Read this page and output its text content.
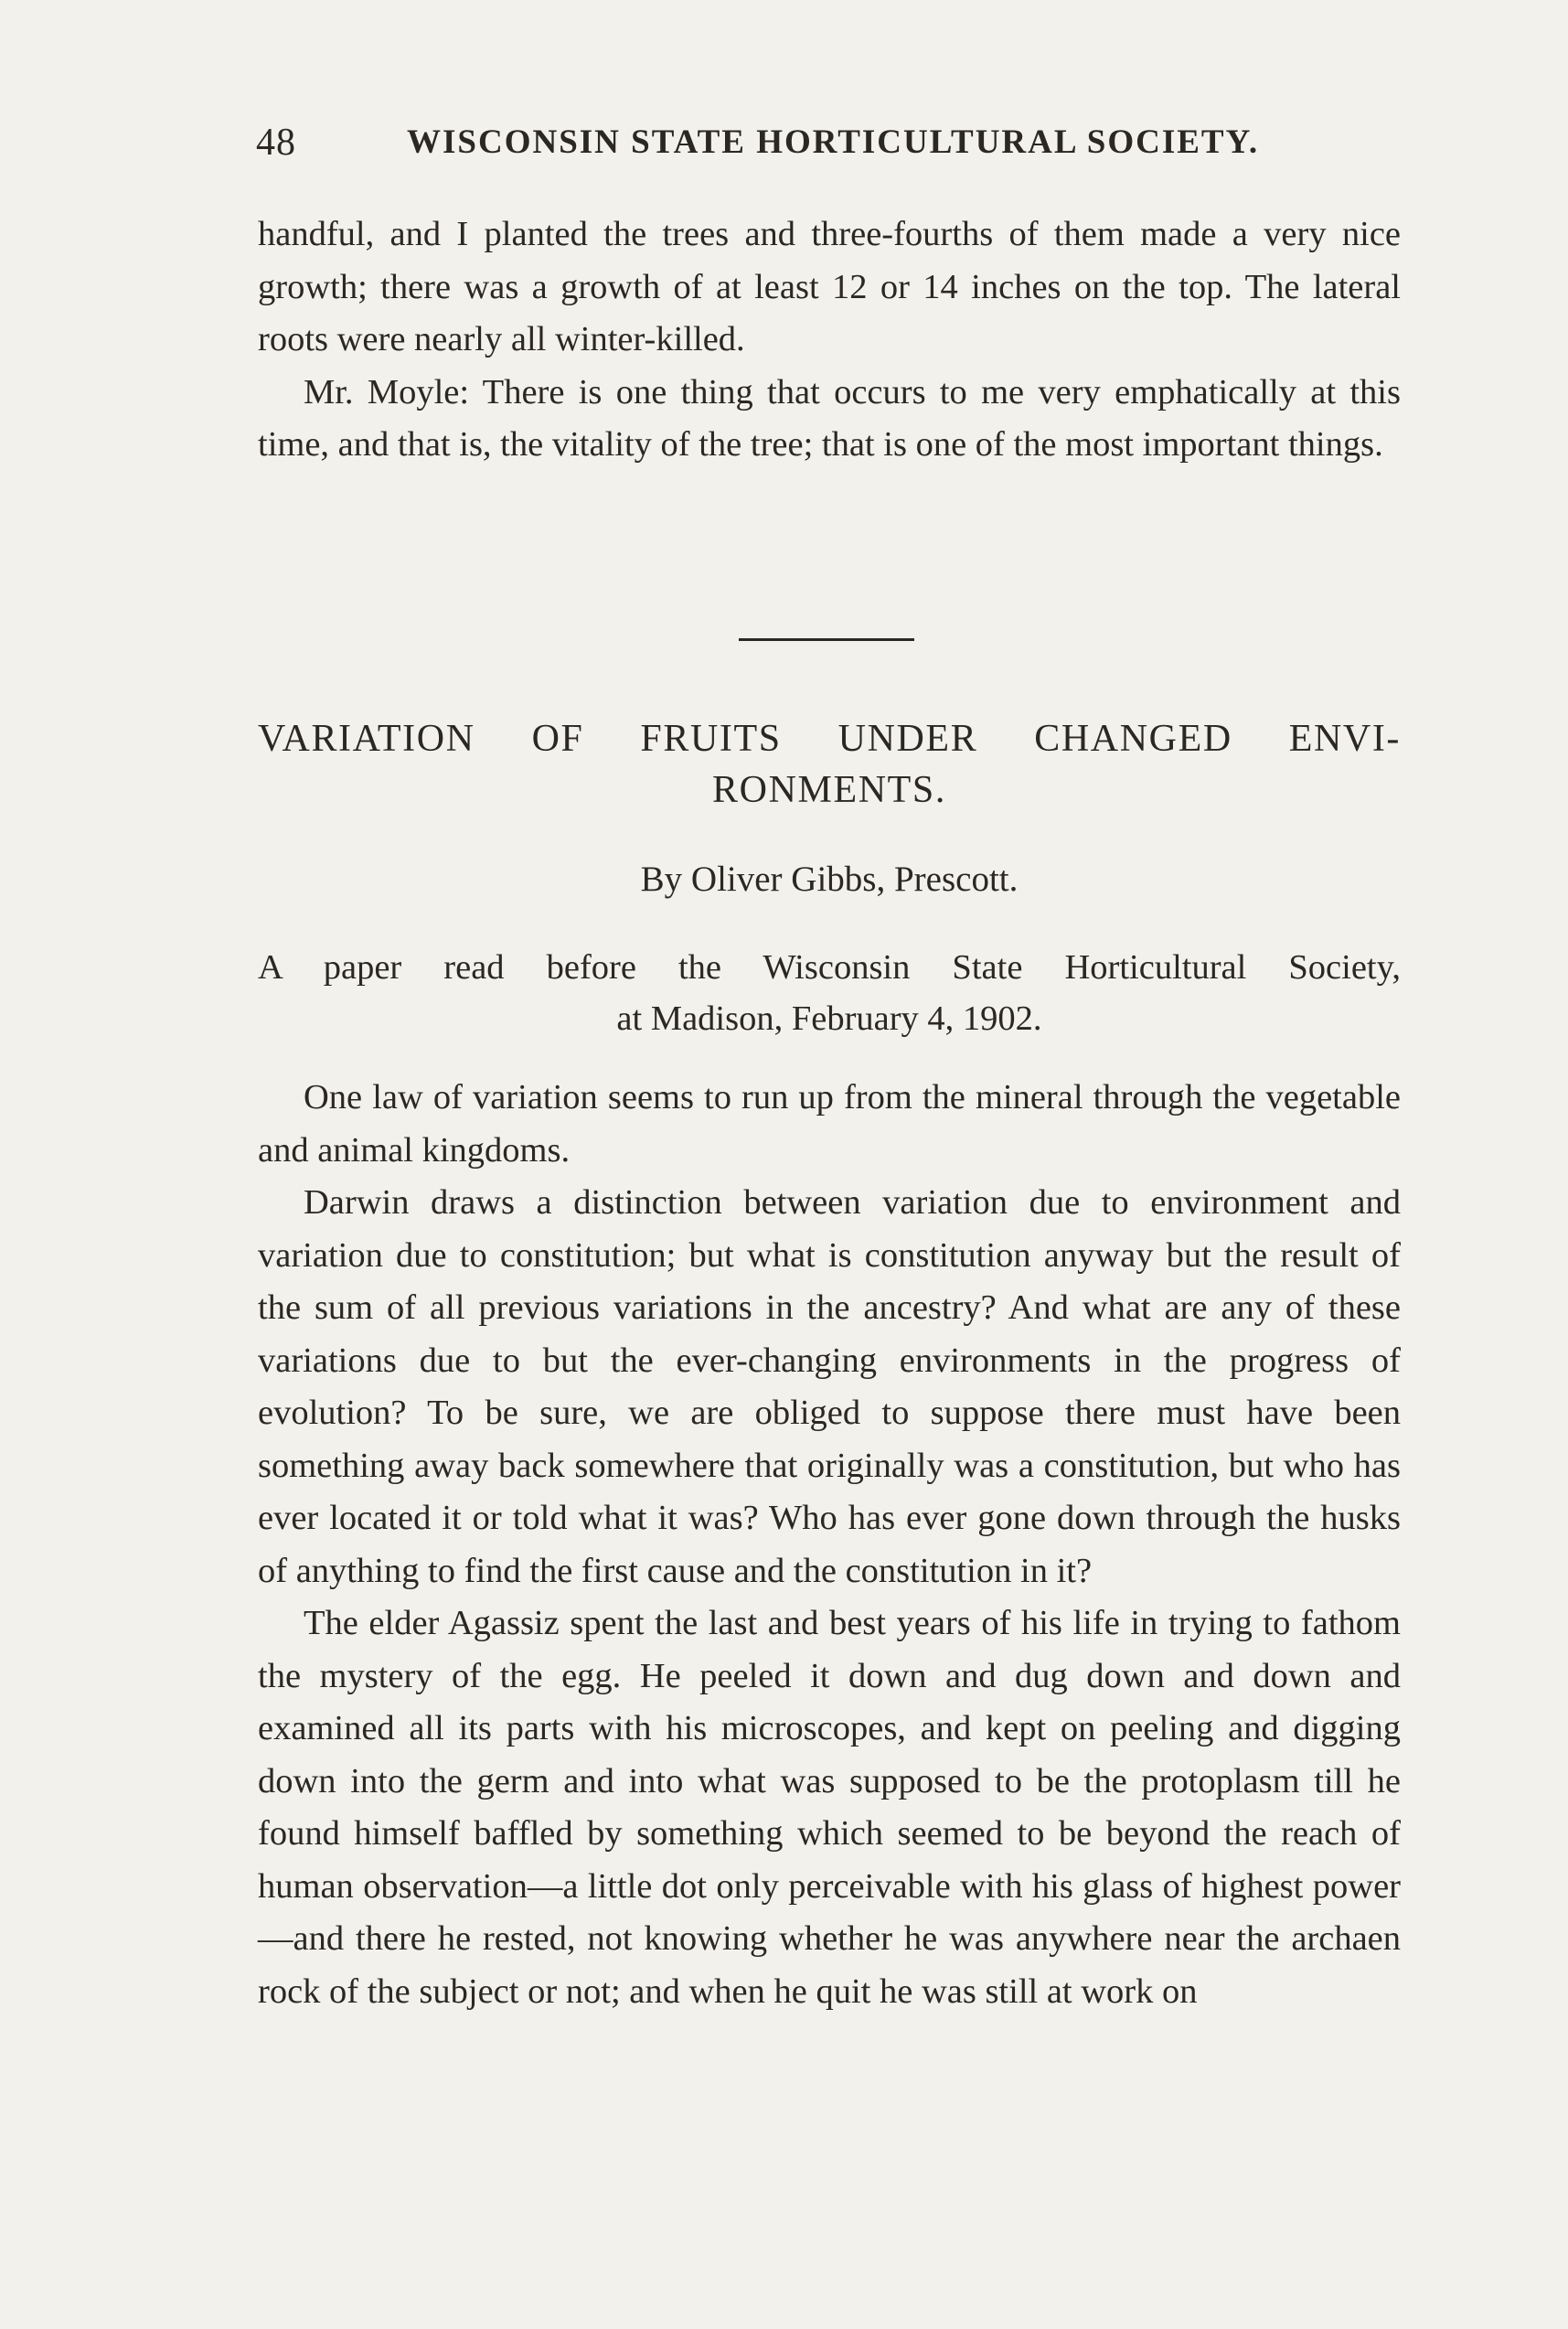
48	WISCONSIN STATE HORTICULTURAL SOCIETY.

handful, and I planted the trees and three-fourths of them made a very nice growth; there was a growth of at least 12 or 14 inches on the top. The lateral roots were nearly all winter-killed.

Mr. Moyle: There is one thing that occurs to me very emphatically at this time, and that is, the vitality of the tree; that is one of the most important things.

VARIATION OF FRUITS UNDER CHANGED ENVI-
RONMENTS.
By Oliver Gibbs, Prescott.
A paper read before the Wisconsin State Horticultural Society,
at Madison, February 4, 1902.

One law of variation seems to run up from the mineral through the vegetable and animal kingdoms.

Darwin draws a distinction between variation due to environment and variation due to constitution; but what is constitution anyway but the result of the sum of all previous variations in the ancestry? And what are any of these variations due to but the ever-changing environments in the progress of evolution? To be sure, we are obliged to suppose there must have been something away back somewhere that originally was a constitution, but who has ever located it or told what it was? Who has ever gone down through the husks of anything to find the first cause and the constitution in it?

The elder Agassiz spent the last and best years of his life in trying to fathom the mystery of the egg. He peeled it down and dug down and down and examined all its parts with his microscopes, and kept on peeling and digging down into the germ and into what was supposed to be the protoplasm till he found himself baffled by something which seemed to be beyond the reach of human observation—a little dot only perceivable with his glass of highest power—and there he rested, not knowing whether he was anywhere near the archaen rock of the subject or not; and when he quit he was still at work on
